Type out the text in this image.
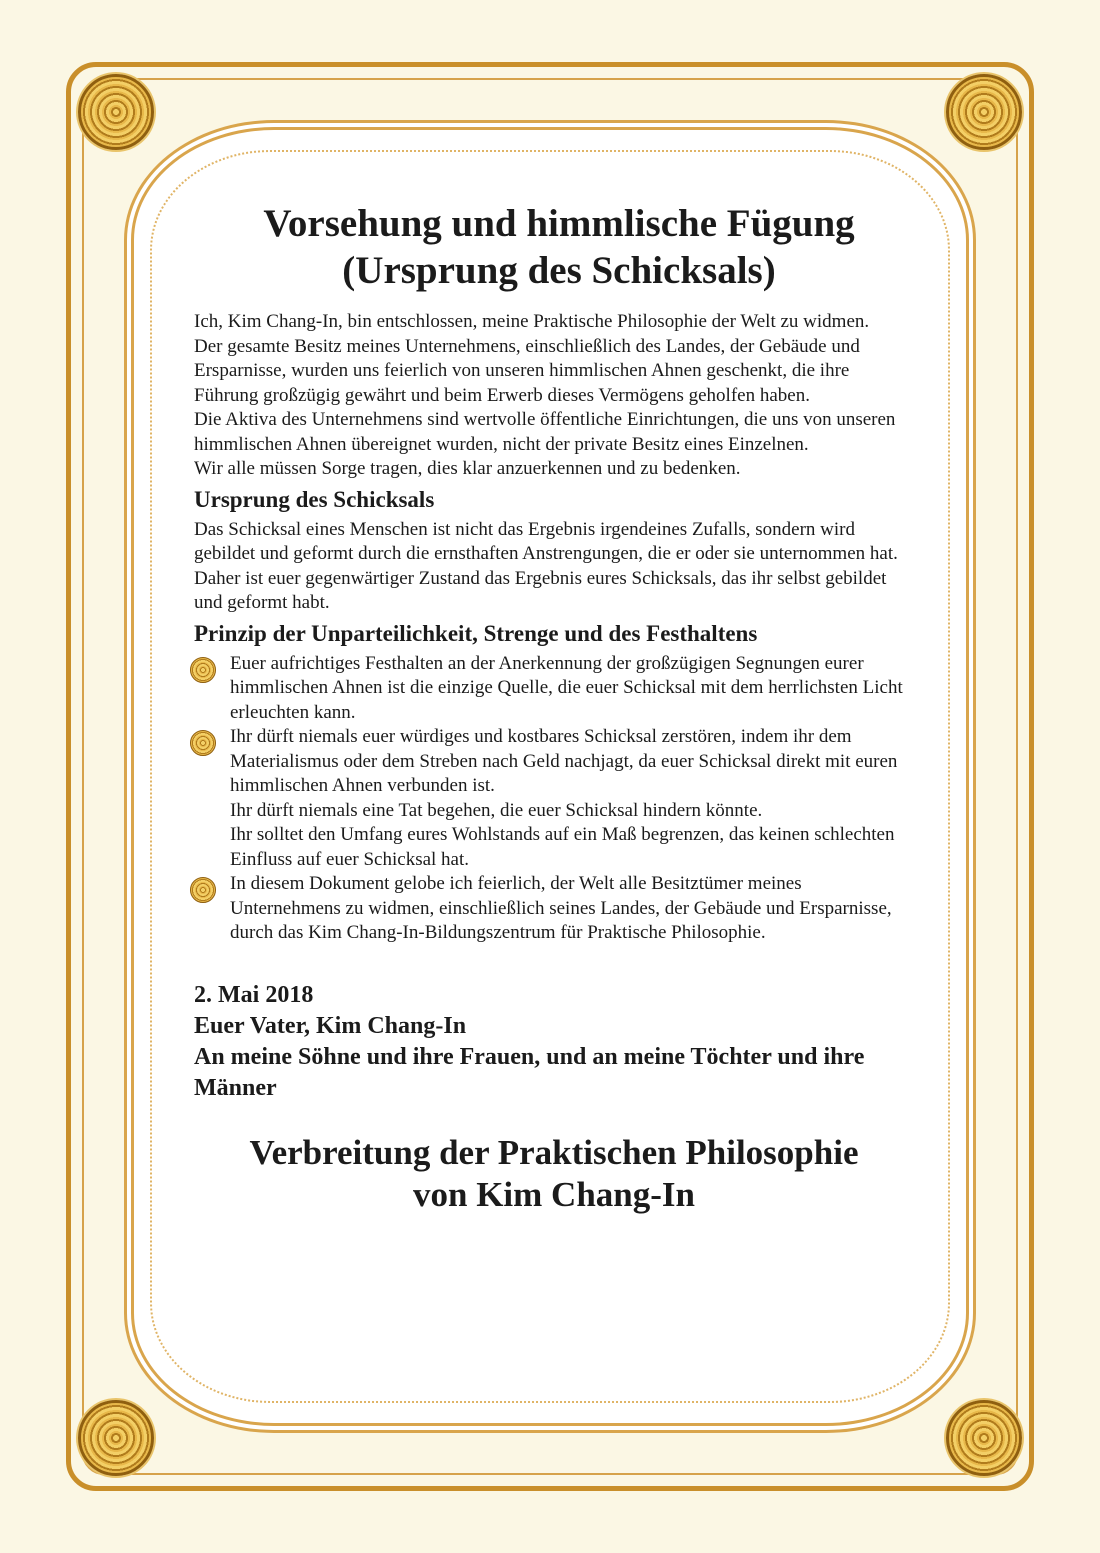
Vorsehung und himmlische Fügung
(Ursprung des Schicksals)

Ich, Kim Chang-In, bin entschlossen, meine Praktische Philosophie der Welt zu widmen.

Der gesamte Besitz meines Unternehmens, einschließlich des Landes, der Gebäude und Ersparnisse, wurden uns feierlich von unseren himmlischen Ahnen geschenkt, die ihre Führung großzügig gewährt und beim Erwerb dieses Vermögens geholfen haben.

Die Aktiva des Unternehmens sind wertvolle öffentliche Einrichtungen, die uns von unseren himmlischen Ahnen übereignet wurden, nicht der private Besitz eines Einzelnen.

Wir alle müssen Sorge tragen, dies klar anzuerkennen und zu bedenken.

Ursprung des Schicksals

Das Schicksal eines Menschen ist nicht das Ergebnis irgendeines Zufalls, sondern wird gebildet und geformt durch die ernsthaften Anstrengungen, die er oder sie unternommen hat.

Daher ist euer gegenwärtiger Zustand das Ergebnis eures Schicksals, das ihr selbst gebildet und geformt habt.

Prinzip der Unparteilichkeit, Strenge und des Festhaltens

Euer aufrichtiges Festhalten an der Anerkennung der großzügigen Segnungen eurer himmlischen Ahnen ist die einzige Quelle, die euer Schicksal mit dem herrlichsten Licht erleuchten kann.

Ihr dürft niemals euer würdiges und kostbares Schicksal zerstören, indem ihr dem Materialismus oder dem Streben nach Geld nachjagt, da euer Schicksal direkt mit euren himmlischen Ahnen verbunden ist.

Ihr dürft niemals eine Tat begehen, die euer Schicksal hindern könnte.

Ihr solltet den Umfang eures Wohlstands auf ein Maß begrenzen, das keinen schlechten Einfluss auf euer Schicksal hat.

In diesem Dokument gelobe ich feierlich, der Welt alle Besitztümer meines Unternehmens zu widmen, einschließlich seines Landes, der Gebäude und Ersparnisse, durch das Kim Chang-In-Bildungszentrum für Praktische Philosophie.

2. Mai 2018

Euer Vater, Kim Chang-In

An meine Söhne und ihre Frauen, und an meine Töchter und ihre Männer

Verbreitung der Praktischen Philosophie
von Kim Chang-In
